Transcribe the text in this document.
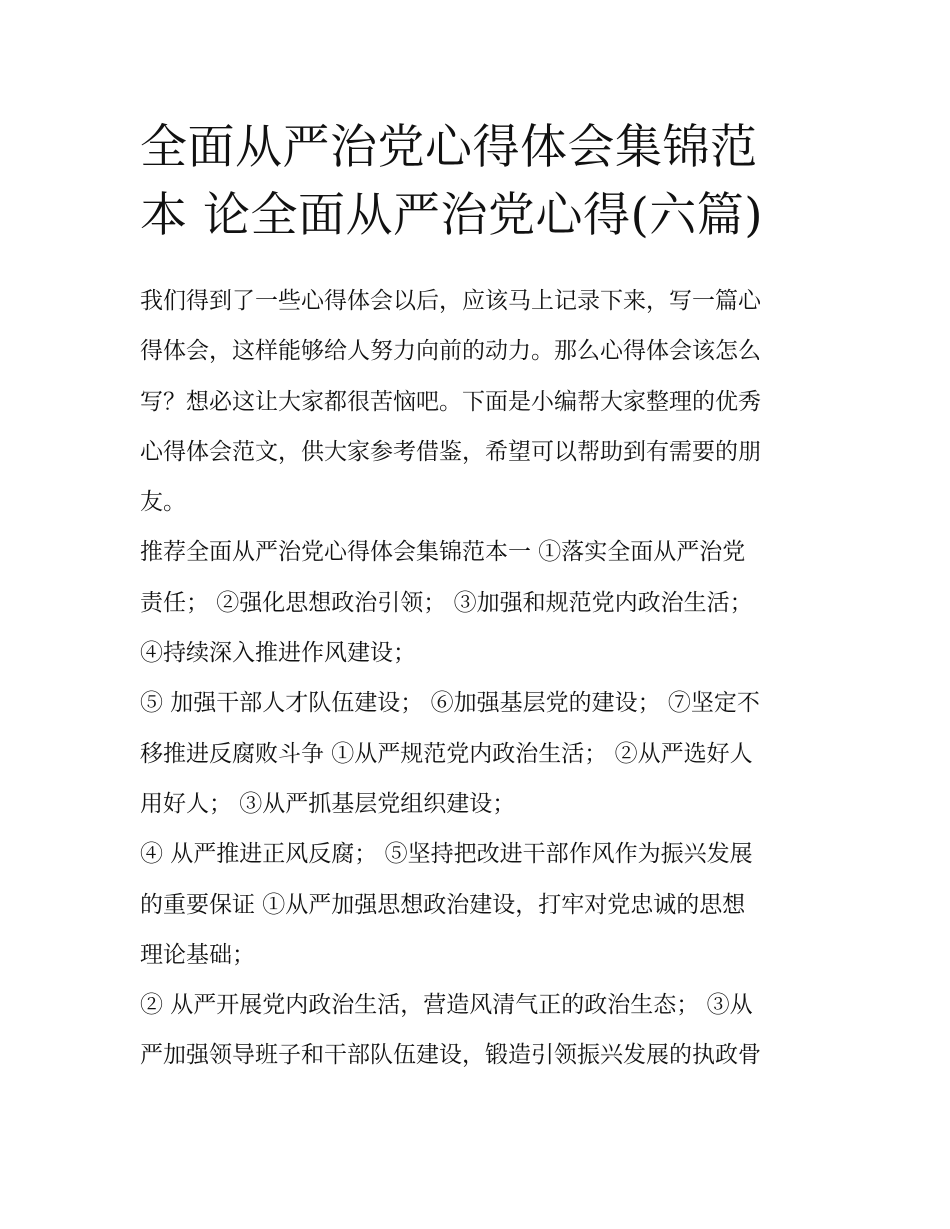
全面从严治党心得体会集锦范
本 论全面从严治党心得(六篇)
我们得到了一些心得体会以后，应该马上记录下来，写一篇心
得体会，这样能够给人努力向前的动力。那么心得体会该怎么
写？想必这让大家都很苦恼吧。下面是小编帮大家整理的优秀
心得体会范文，供大家参考借鉴，希望可以帮助到有需要的朋
友。
推荐全面从严治党心得体会集锦范本一 ①落实全面从严治党
责任； ②强化思想政治引领； ③加强和规范党内政治生活；
④持续深入推进作风建设；
⑤ 加强干部人才队伍建设； ⑥加强基层党的建设； ⑦坚定不
移推进反腐败斗争 ①从严规范党内政治生活； ②从严选好人
用好人； ③从严抓基层党组织建设；
④ 从严推进正风反腐； ⑤坚持把改进干部作风作为振兴发展
的重要保证 ①从严加强思想政治建设，打牢对党忠诚的思想
理论基础；
② 从严开展党内政治生活，营造风清气正的政治生态； ③从
严加强领导班子和干部队伍建设，锻造引领振兴发展的执政骨
